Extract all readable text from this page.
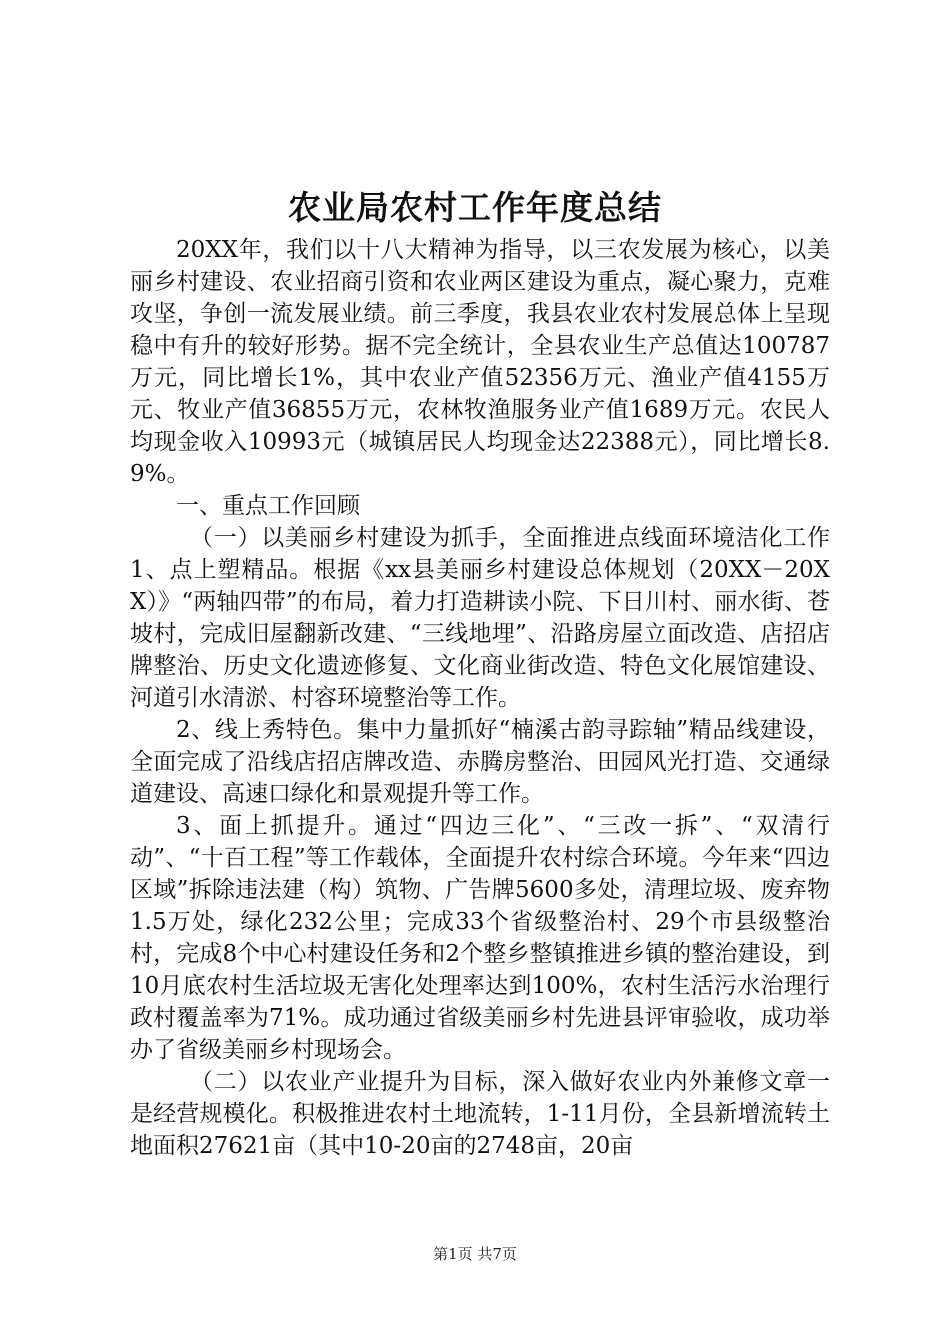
农业局农村工作年度总结

20XX年，我们以十八大精神为指导，以三农发展为核心，以美丽乡村建设、农业招商引资和农业两区建设为重点，凝心聚力，克难攻坚，争创一流发展业绩。前三季度，我县农业农村发展总体上呈现稳中有升的较好形势。据不完全统计，全县农业生产总值达100787万元，同比增长1%，其中农业产值52356万元、渔业产值4155万元、牧业产值36855万元，农林牧渔服务业产值1689万元。农民人均现金收入10993元（城镇居民人均现金达22388元），同比增长8.9%。

一、重点工作回顾

（一）以美丽乡村建设为抓手，全面推进点线面环境洁化工作1、点上塑精品。根据《xx县美丽乡村建设总体规划（20XX－20XX）》“两轴四带”的布局，着力打造耕读小院、下日川村、丽水街、苍坡村，完成旧屋翻新改建、“三线地埋”、沿路房屋立面改造、店招店牌整治、历史文化遗迹修复、文化商业街改造、特色文化展馆建设、河道引水清淤、村容环境整治等工作。

2、线上秀特色。集中力量抓好“楠溪古韵寻踪轴”精品线建设，全面完成了沿线店招店牌改造、赤腾房整治、田园风光打造、交通绿道建设、高速口绿化和景观提升等工作。

3、面上抓提升。通过“四边三化”、“三改一拆”、“双清行动”、“十百工程”等工作载体，全面提升农村综合环境。今年来“四边区域”拆除违法建（构）筑物、广告牌5600多处，清理垃圾、废弃物1.5万处，绿化232公里；完成33个省级整治村、29个市县级整治村，完成8个中心村建设任务和2个整乡整镇推进乡镇的整治建设，到10月底农村生活垃圾无害化处理率达到100%，农村生活污水治理行政村覆盖率为71%。成功通过省级美丽乡村先进县评审验收，成功举办了省级美丽乡村现场会。

（二）以农业产业提升为目标，深入做好农业内外兼修文章一是经营规模化。积极推进农村土地流转，1-11月份，全县新增流转土地面积27621亩（其中10-20亩的2748亩，20亩

第1页 共7页
